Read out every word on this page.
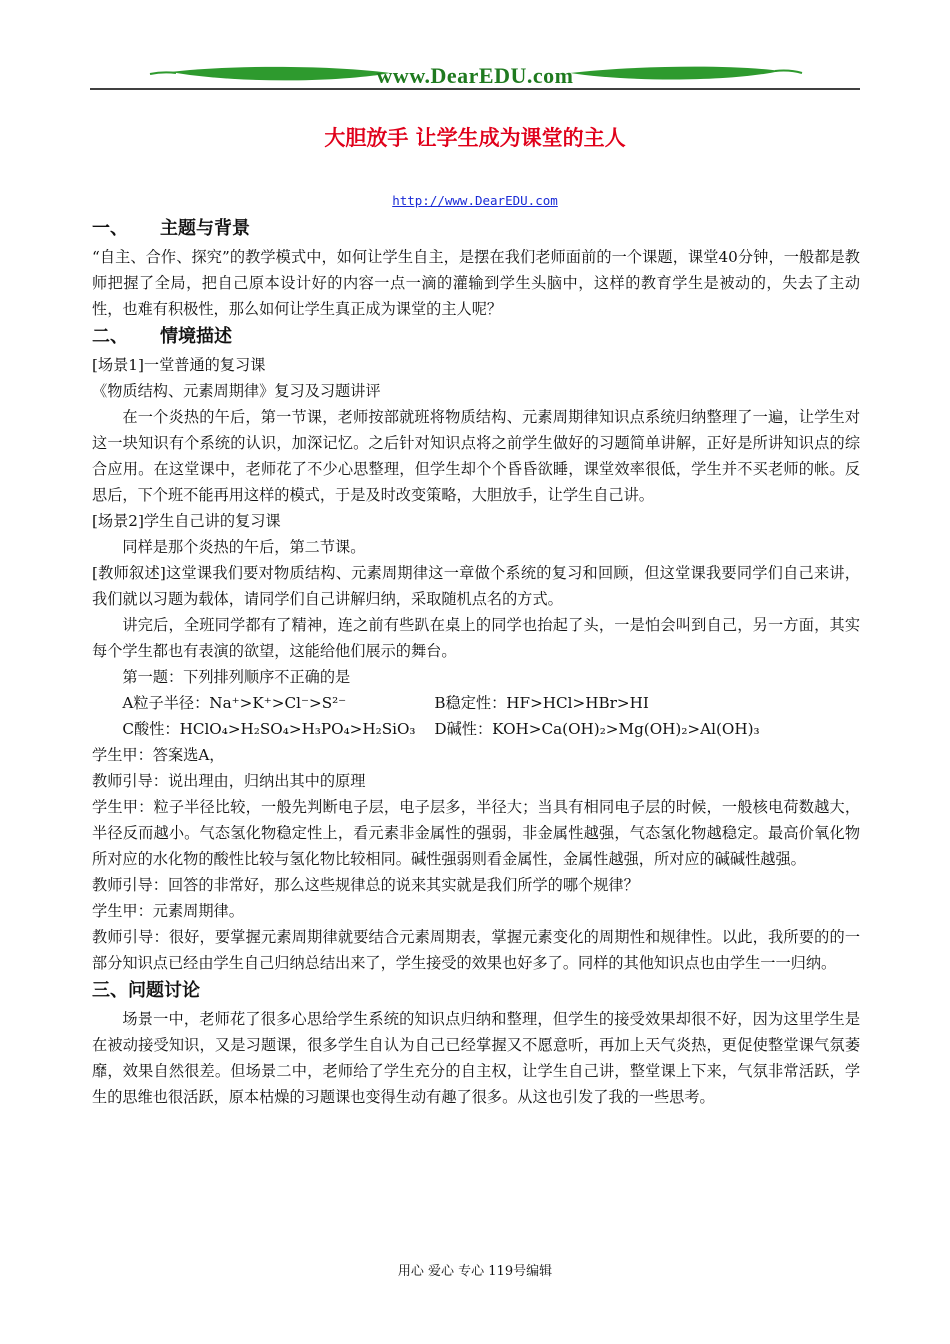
www.DearEDU.com
大胆放手 让学生成为课堂的主人
http://www.DearEDU.com
一、 主题与背景
“自主、合作、探究”的教学模式中，如何让学生自主，是摆在我们老师面前的一个课题，课堂40分钟，一般都是教师把握了全局，把自己原本设计好的内容一点一滴的灌输到学生头脑中，这样的教育学生是被动的，失去了主动性，也难有积极性，那么如何让学生真正成为课堂的主人呢？
二、 情境描述
[场景1]一堂普通的复习课
《物质结构、元素周期律》复习及习题讲评
在一个炎热的午后，第一节课，老师按部就班将物质结构、元素周期律知识点系统归纳整理了一遍，让学生对这一块知识有个系统的认识，加深记忆。之后针对知识点将之前学生做好的习题简单讲解，正好是所讲知识点的综合应用。在这堂课中，老师花了不少心思整理，但学生却个个昏昏欲睡，课堂效率很低，学生并不买老师的帐。反思后，下个班不能再用这样的模式，于是及时改变策略，大胆放手，让学生自己讲。
[场景2]学生自己讲的复习课
同样是那个炎热的午后，第二节课。
[教师叙述]这堂课我们要对物质结构、元素周期律这一章做个系统的复习和回顾，但这堂课我要同学们自己来讲，我们就以习题为载体，请同学们自己讲解归纳，采取随机点名的方式。
讲完后，全班同学都有了精神，连之前有些趴在桌上的同学也抬起了头，一是怕会叫到自己，另一方面，其实每个学生都也有表演的欲望，这能给他们展示的舞台。
第一题：下列排列顺序不正确的是
A粒子半径：Na⁺>K⁺>Cl⁻>S²⁻	B稳定性：HF>HCl>HBr>HI
C酸性：HClO₄>H₂SO₄>H₃PO₄>H₂SiO₃ D碱性：KOH>Ca(OH)₂>Mg(OH)₂>Al(OH)₃
学生甲：答案选A，
教师引导：说出理由，归纳出其中的原理
学生甲：粒子半径比较，一般先判断电子层，电子层多，半径大；当具有相同电子层的时候，一般核电荷数越大，半径反而越小。气态氢化物稳定性上，看元素非金属性的强弱，非金属性越强，气态氢化物越稳定。最高价氧化物所对应的水化物的酸性比较与氢化物比较相同。碱性强弱则看金属性，金属性越强，所对应的碱碱性越强。
教师引导：回答的非常好，那么这些规律总的说来其实就是我们所学的哪个规律？
学生甲：元素周期律。
教师引导：很好，要掌握元素周期律就要结合元素周期表，掌握元素变化的周期性和规律性。以此，我所要的的一部分知识点已经由学生自己归纳总结出来了，学生接受的效果也好多了。同样的其他知识点也由学生一一归纳。
三、问题讨论
场景一中，老师花了很多心思给学生系统的知识点归纳和整理，但学生的接受效果却很不好，因为这里学生是在被动接受知识，又是习题课，很多学生自认为自己已经掌握又不愿意听，再加上天气炎热，更促使整堂课气氛萎靡，效果自然很差。但场景二中，老师给了学生充分的自主权，让学生自己讲，整堂课上下来，气氛非常活跃，学生的思维也很活跃，原本枯燥的习题课也变得生动有趣了很多。从这也引发了我的一些思考。
用心 爱心 专心 119号编辑
